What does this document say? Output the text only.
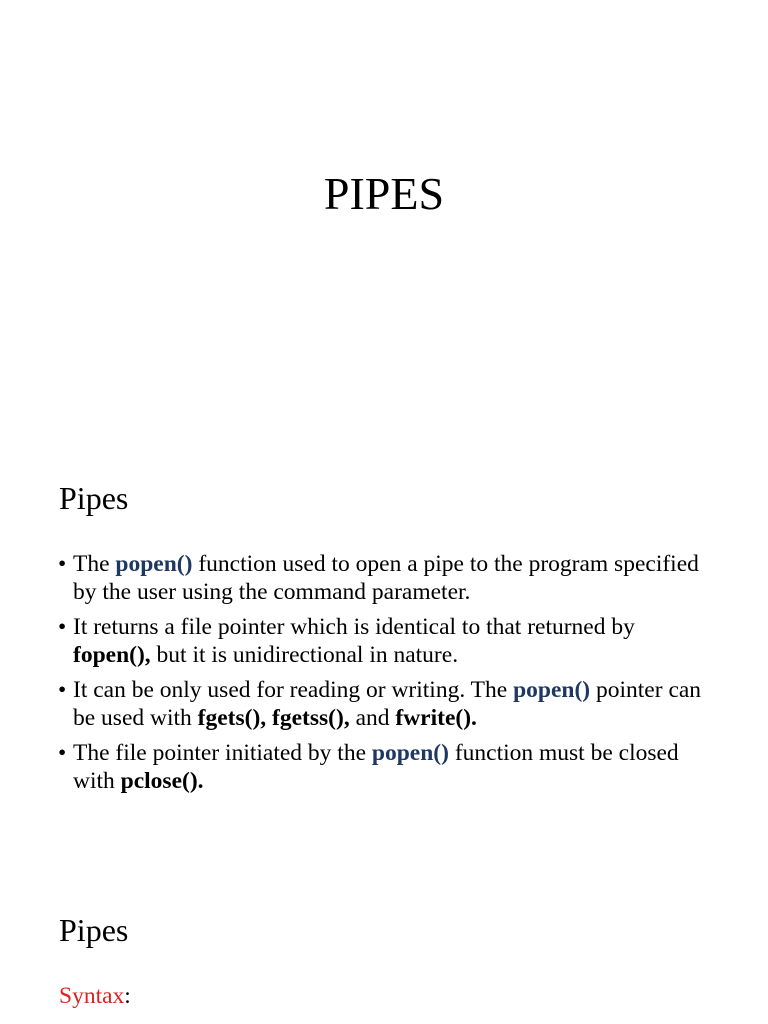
PIPES
Pipes
• The popen() function used to open a pipe to the program specified by the user using the command parameter.
• It returns a file pointer which is identical to that returned by fopen(), but it is unidirectional in nature.
• It can be only used for reading or writing. The popen() pointer can be used with fgets(), fgetss(), and fwrite().
• The file pointer initiated by the popen() function must be closed with pclose().
Pipes

Syntax:
